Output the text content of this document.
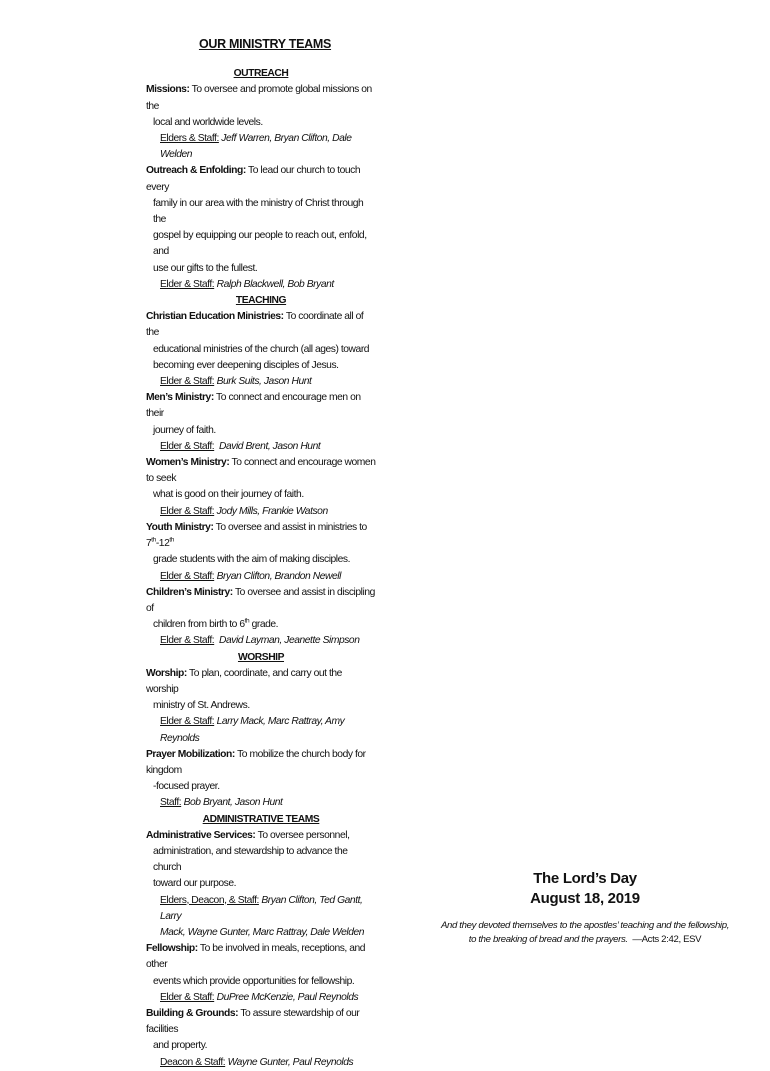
OUR MINISTRY TEAMS
OUTREACH
Missions: To oversee and promote global missions on the
local and worldwide levels.
Elders & Staff: Jeff Warren, Bryan Clifton, Dale Welden
Outreach & Enfolding: To lead our church to touch every
family in our area with the ministry of Christ through the
gospel by equipping our people to reach out, enfold, and
use our gifts to the fullest.
Elder & Staff: Ralph Blackwell, Bob Bryant
TEACHING
Christian Education Ministries: To coordinate all of the
educational ministries of the church (all ages) toward
becoming ever deepening disciples of Jesus.
Elder & Staff: Burk Suits, Jason Hunt
Men’s Ministry: To connect and encourage men on their
journey of faith.
Elder & Staff:  David Brent, Jason Hunt
Women’s Ministry: To connect and encourage women to seek
what is good on their journey of faith.
Elder & Staff: Jody Mills, Frankie Watson
Youth Ministry: To oversee and assist in ministries to 7th-12th
grade students with the aim of making disciples.
Elder & Staff: Bryan Clifton, Brandon Newell
Children’s Ministry: To oversee and assist in discipling of
children from birth to 6th grade.
Elder & Staff:  David Layman, Jeanette Simpson
WORSHIP
Worship: To plan, coordinate, and carry out the worship
ministry of St. Andrews.
Elder & Staff: Larry Mack, Marc Rattray, Amy Reynolds
Prayer Mobilization: To mobilize the church body for kingdom
-focused prayer.
Staff: Bob Bryant, Jason Hunt
ADMINISTRATIVE TEAMS
Administrative Services: To oversee personnel,
administration, and stewardship to advance the church
toward our purpose.
Elders, Deacon, & Staff: Bryan Clifton, Ted Gantt, Larry
Mack, Wayne Gunter, Marc Rattray, Dale Welden
Fellowship: To be involved in meals, receptions, and other
events which provide opportunities for fellowship.
Elder & Staff: DuPree McKenzie, Paul Reynolds
Building & Grounds: To assure stewardship of our facilities
and property.
Deacon & Staff: Wayne Gunter, Paul Reynolds
The Lord’s Day
August 18, 2019
And they devoted themselves to the apostles’ teaching and the fellowship,
to the breaking of bread and the prayers.  —Acts 2:42, ESV
